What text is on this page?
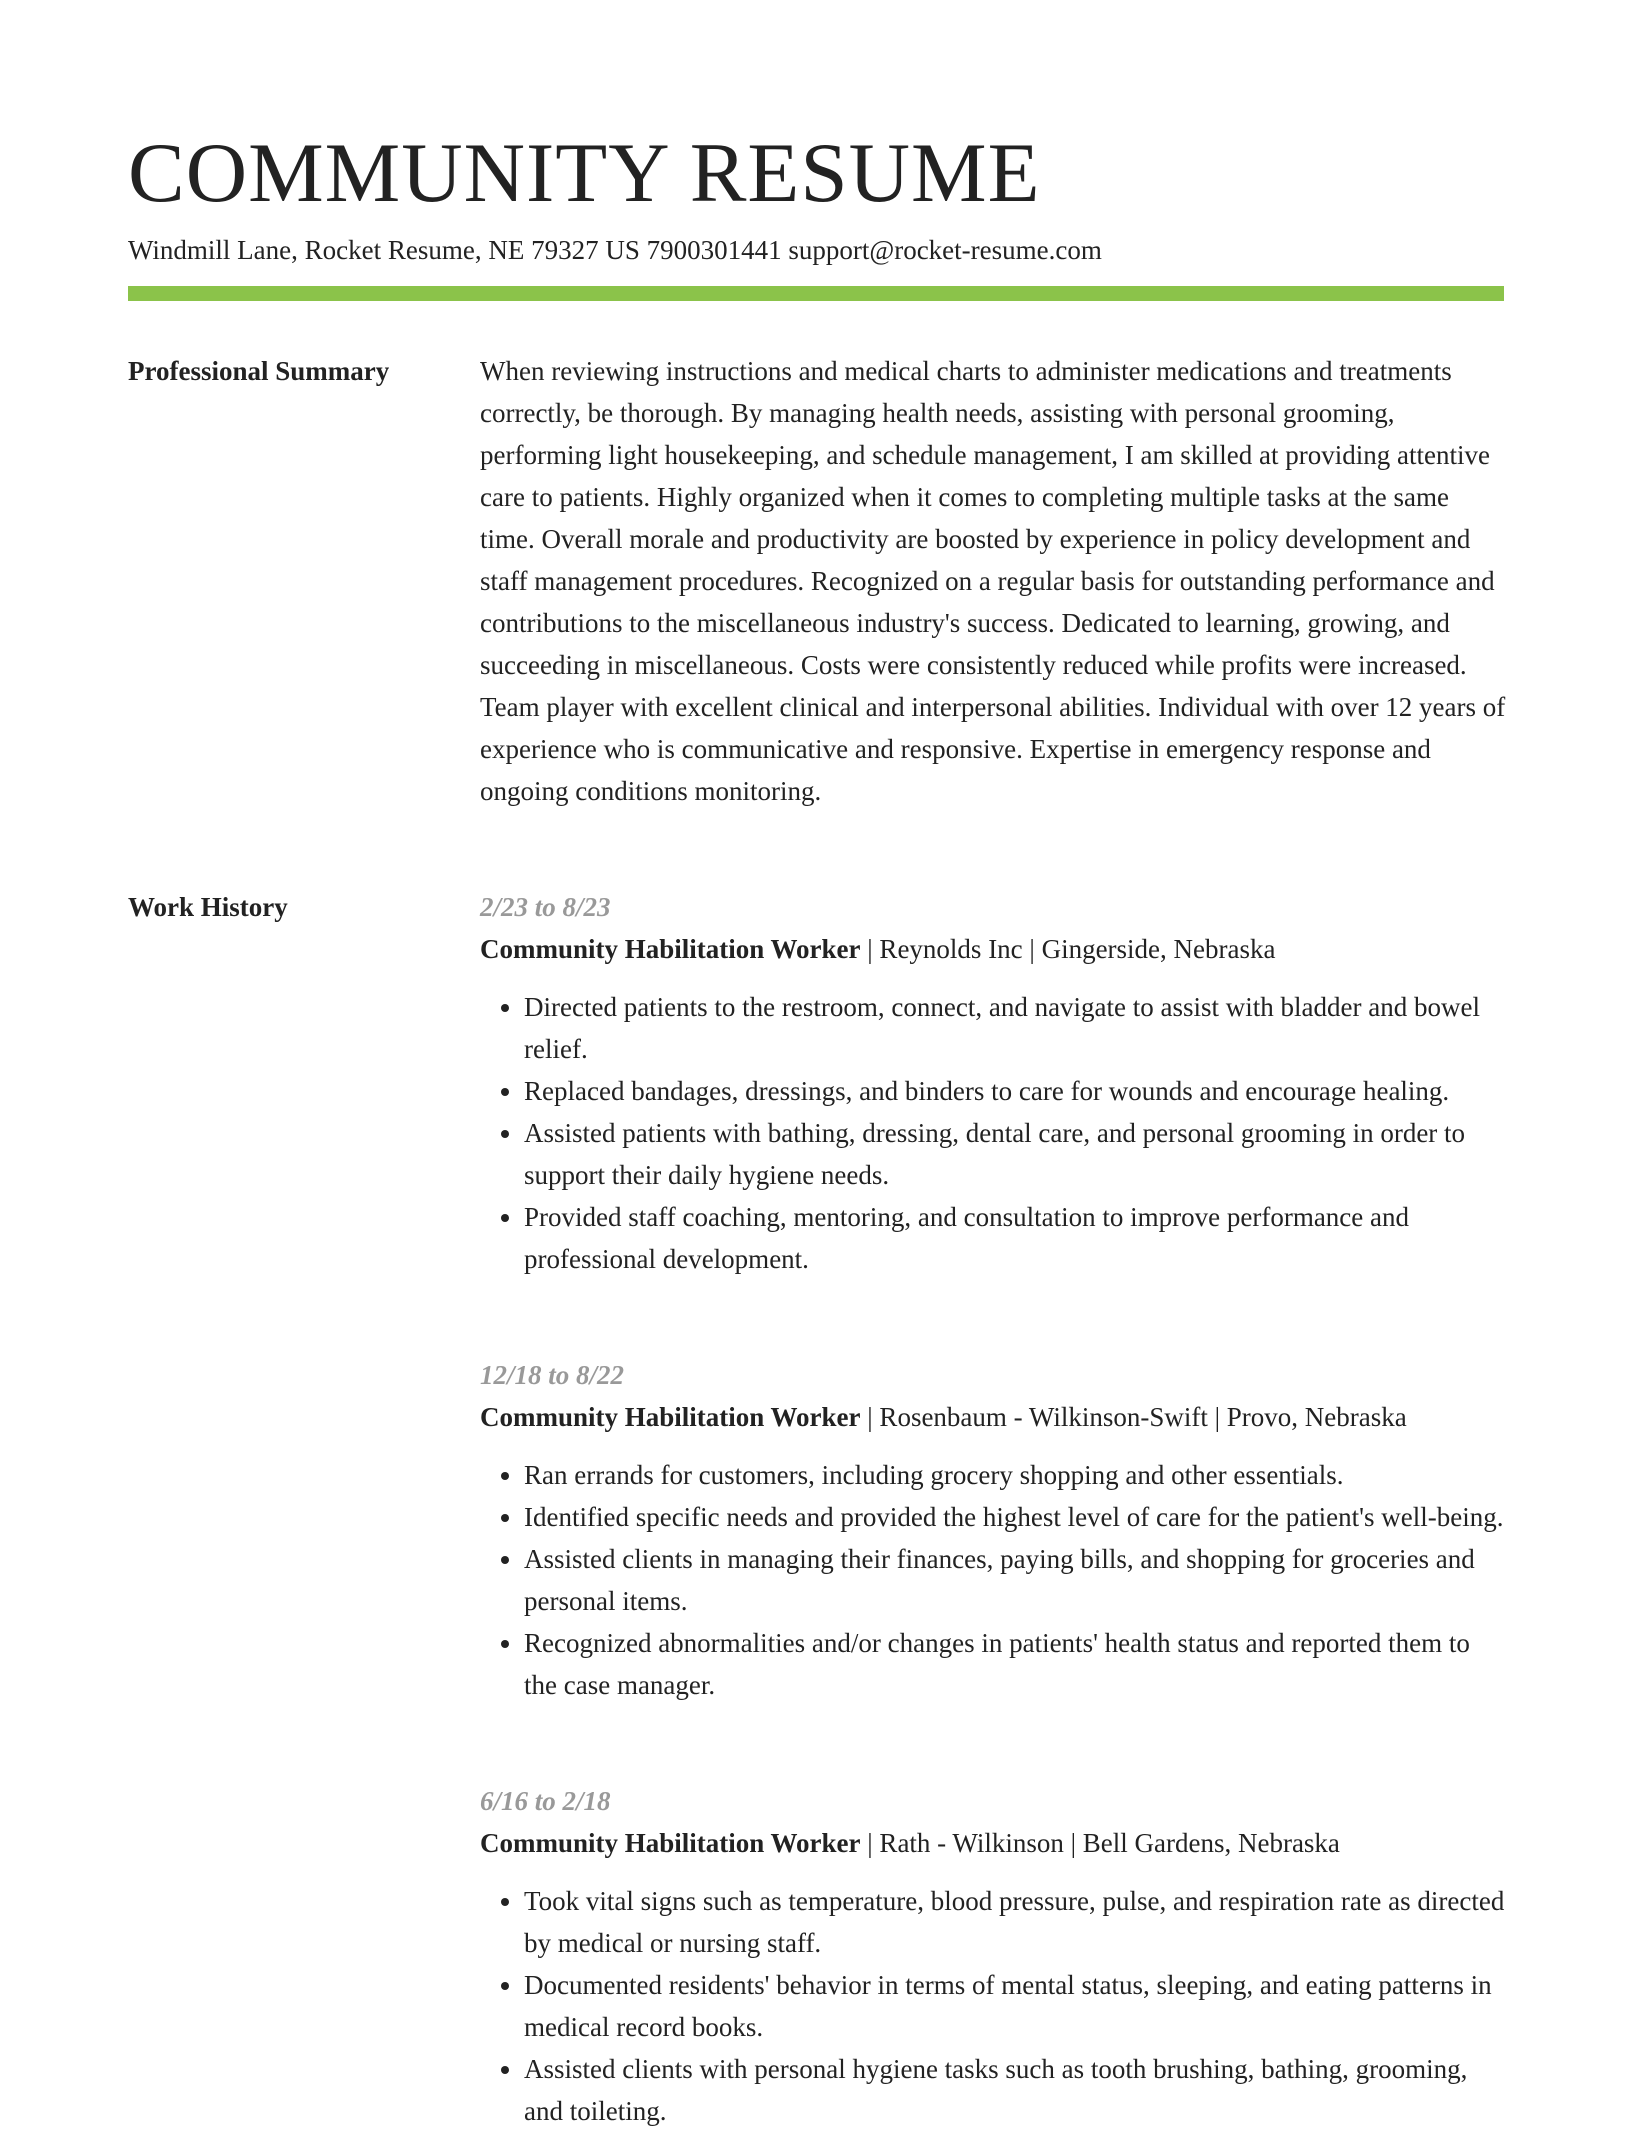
COMMUNITY RESUME
Windmill Lane, Rocket Resume, NE 79327 US 7900301441 support@rocket-resume.com
Professional Summary	When reviewing instructions and medical charts to administer medications and treatments correctly, be thorough. By managing health needs, assisting with personal grooming, performing light housekeeping, and schedule management, I am skilled at providing attentive care to patients. Highly organized when it comes to completing multiple tasks at the same time. Overall morale and productivity are boosted by experience in policy development and staff management procedures. Recognized on a regular basis for outstanding performance and contributions to the miscellaneous industry's success. Dedicated to learning, growing, and succeeding in miscellaneous. Costs were consistently reduced while profits were increased. Team player with excellent clinical and interpersonal abilities. Individual with over 12 years of experience who is communicative and responsive. Expertise in emergency response and ongoing conditions monitoring.

Work History	2/23 to 8/23
Community Habilitation Worker | Reynolds Inc | Gingerside, Nebraska
• Directed patients to the restroom, connect, and navigate to assist with bladder and bowel relief.
• Replaced bandages, dressings, and binders to care for wounds and encourage healing.
• Assisted patients with bathing, dressing, dental care, and personal grooming in order to support their daily hygiene needs.
• Provided staff coaching, mentoring, and consultation to improve performance and professional development.
12/18 to 8/22
Community Habilitation Worker | Rosenbaum - Wilkinson-Swift | Provo, Nebraska
• Ran errands for customers, including grocery shopping and other essentials.
• Identified specific needs and provided the highest level of care for the patient's well-being.
• Assisted clients in managing their finances, paying bills, and shopping for groceries and personal items.
• Recognized abnormalities and/or changes in patients' health status and reported them to the case manager.
6/16 to 2/18
Community Habilitation Worker | Rath - Wilkinson | Bell Gardens, Nebraska
• Took vital signs such as temperature, blood pressure, pulse, and respiration rate as directed by medical or nursing staff.
• Documented residents' behavior in terms of mental status, sleeping, and eating patterns in medical record books.
• Assisted clients with personal hygiene tasks such as tooth brushing, bathing, grooming, and toileting.
